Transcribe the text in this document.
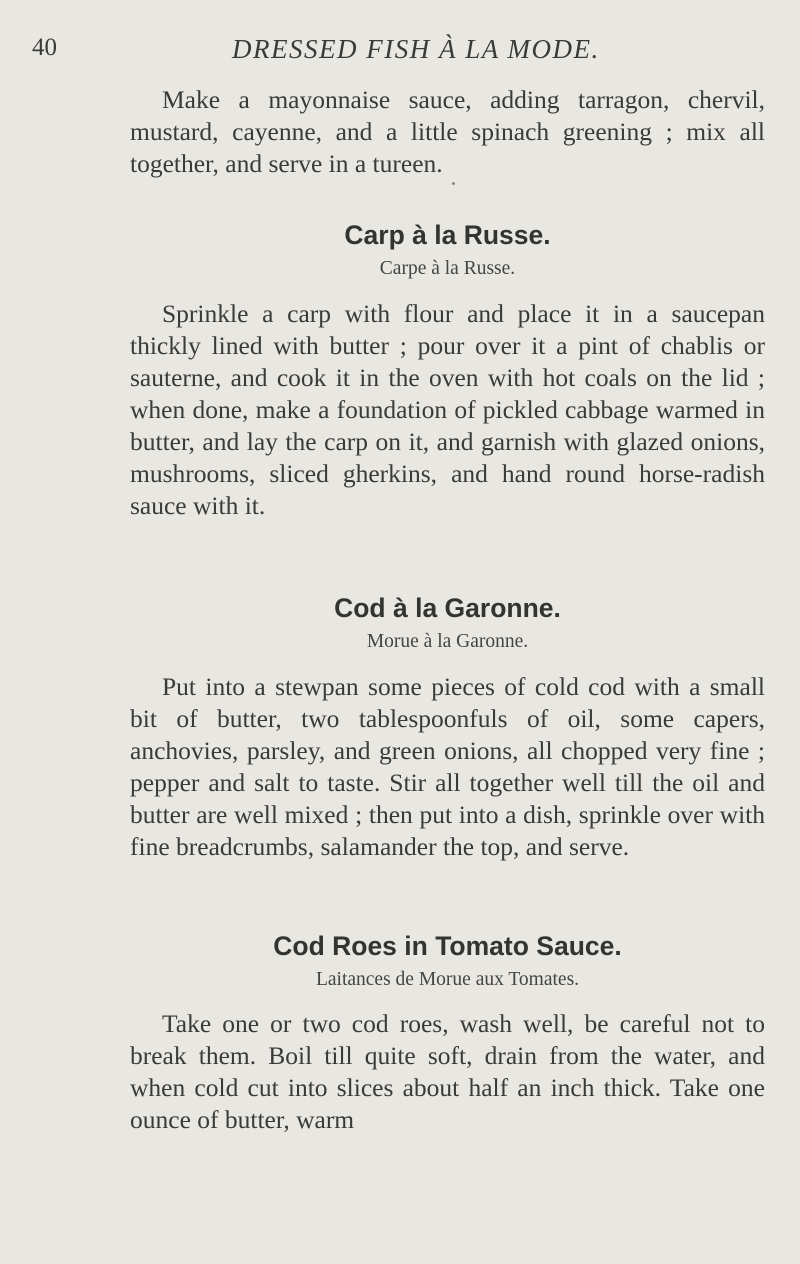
40	DRESSED FISH À LA MODE.

Make a mayonnaise sauce, adding tarragon, chervil, mustard, cayenne, and a little spinach greening ; mix all together, and serve in a tureen.

Carp à la Russe.

Carpe à la Russe.

Sprinkle a carp with flour and place it in a saucepan thickly lined with butter ; pour over it a pint of chablis or sauterne, and cook it in the oven with hot coals on the lid ; when done, make a foundation of pickled cabbage warmed in butter, and lay the carp on it, and garnish with glazed onions, mushrooms, sliced gherkins, and hand round horse-radish sauce with it.

Cod à la Garonne.

Morue à la Garonne.

Put into a stewpan some pieces of cold cod with a small bit of butter, two tablespoonfuls of oil, some capers, anchovies, parsley, and green onions, all chopped very fine ; pepper and salt to taste. Stir all together well till the oil and butter are well mixed ; then put into a dish, sprinkle over with fine breadcrumbs, salamander the top, and serve.

Cod Roes in Tomato Sauce.

Laitances de Morue aux Tomates.

Take one or two cod roes, wash well, be careful not to break them. Boil till quite soft, drain from the water, and when cold cut into slices about half an inch thick. Take one ounce of butter, warm
